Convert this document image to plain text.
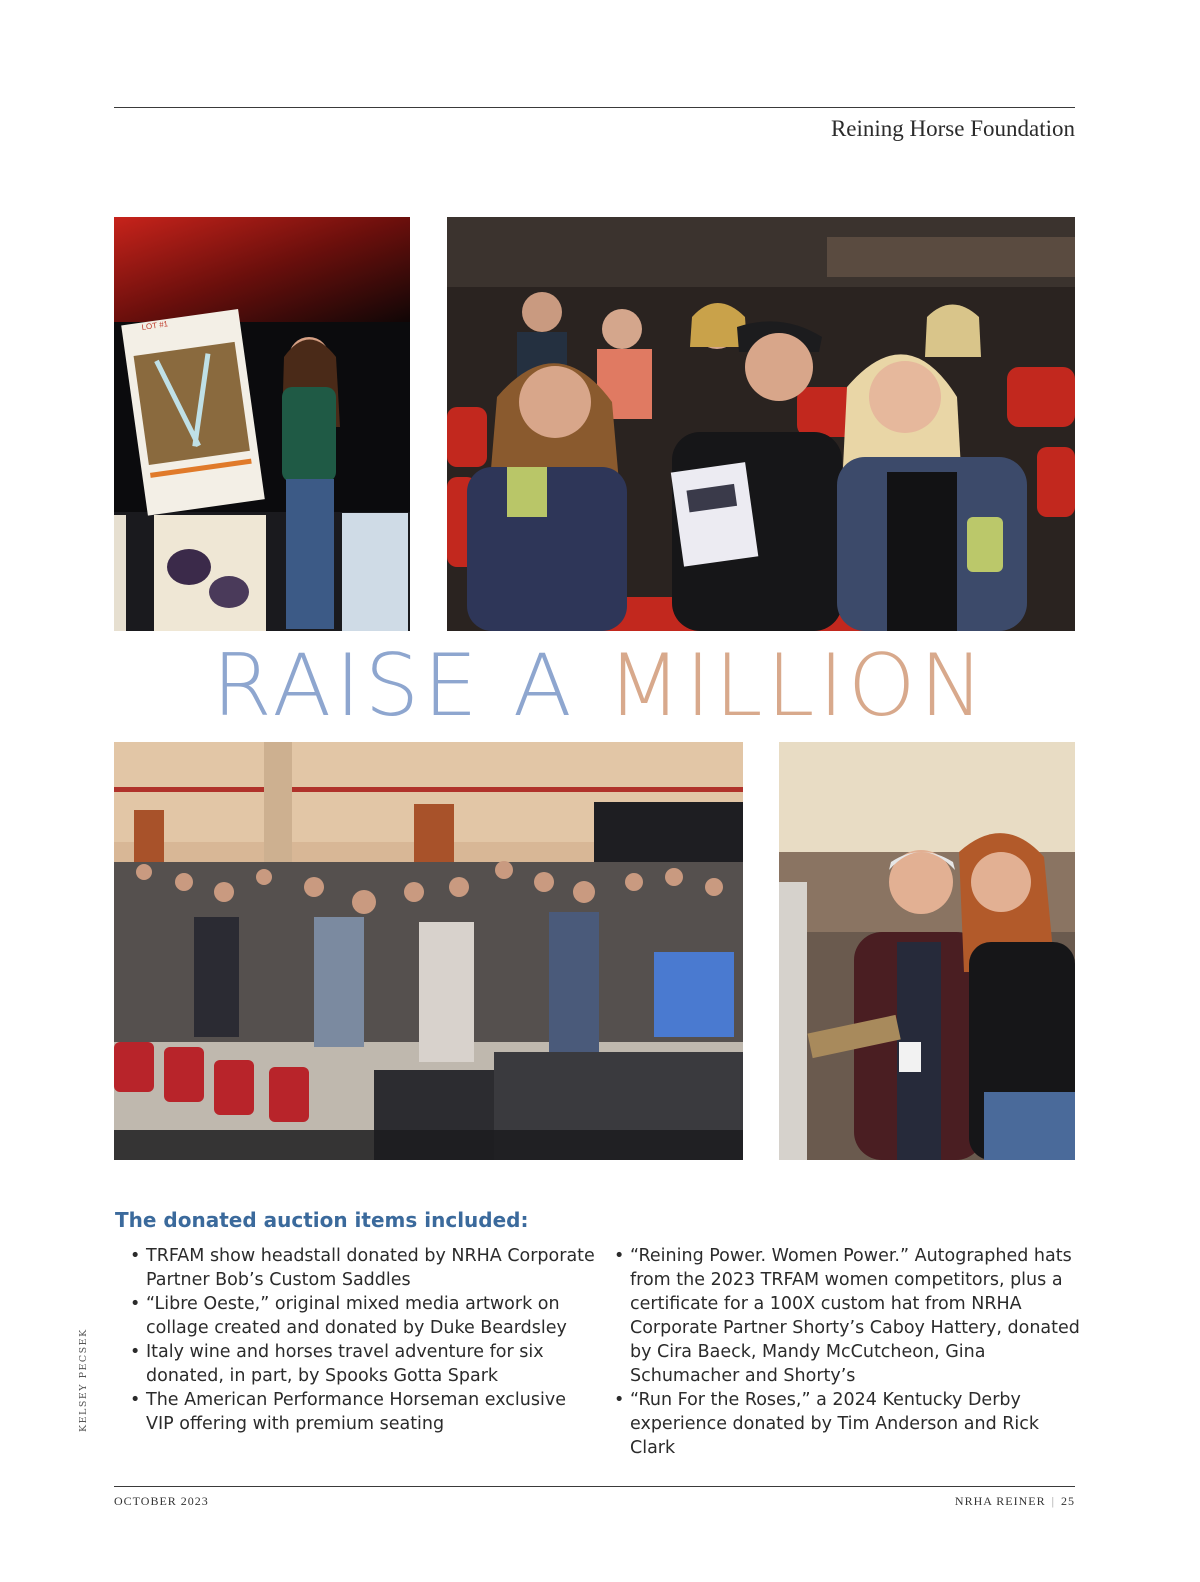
Reining Horse Foundation
LOT #1
RAISE A MILLION
The donated auction items included:
• TRFAM show headstall donated by NRHA Corporate Partner Bob’s Custom Saddles
• “Libre Oeste,” original mixed media artwork on collage created and donated by Duke Beardsley
• Italy wine and horses travel adventure for six donated, in part, by Spooks Gotta Spark
• The American Performance Horseman exclusive VIP offering with premium seating
• “Reining Power. Women Power.” Autographed hats from the 2023 TRFAM women competitors, plus a certificate for a 100X custom hat from NRHA Corporate Partner Shorty’s Caboy Hattery, donated by Cira Baeck, Mandy McCutcheon, Gina Schumacher and Shorty’s
• “Run For the Roses,” a 2024 Kentucky Derby experience donated by Tim Anderson and Rick Clark
KELSEY PECSEK
OCTOBER 2023	NRHA REINER | 25
